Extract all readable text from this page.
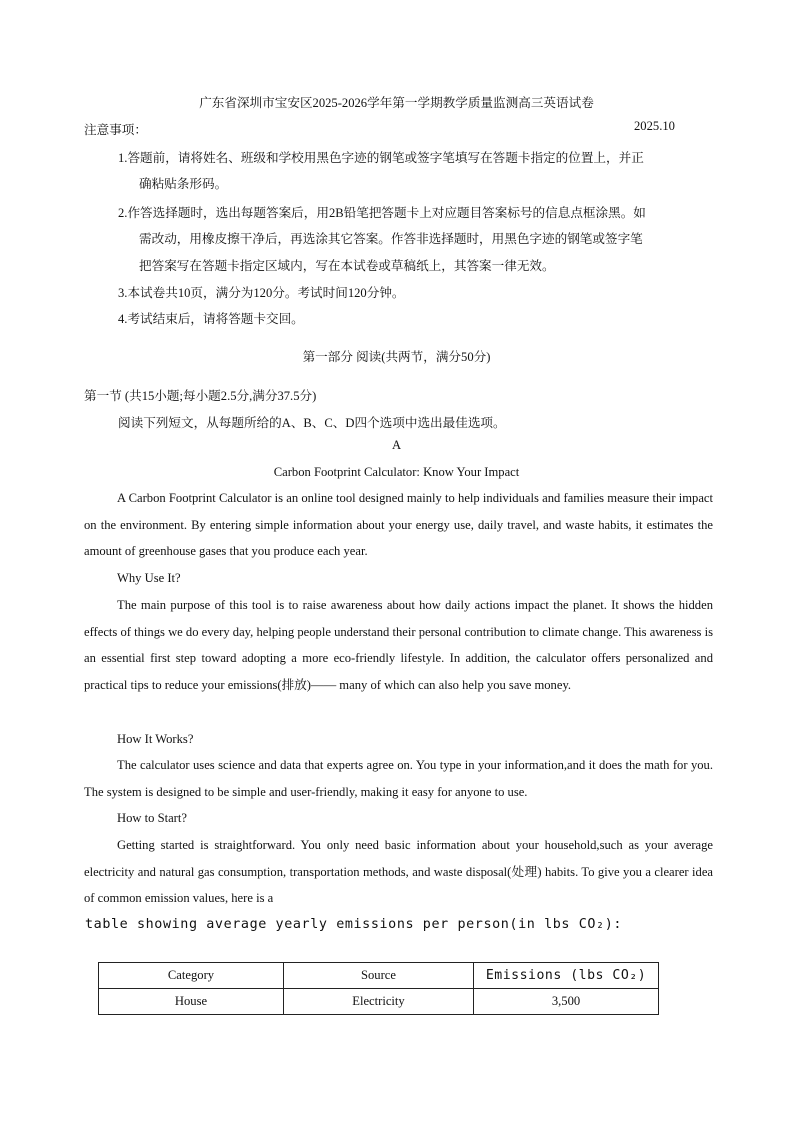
广东省深圳市宝安区2025-2026学年第一学期教学质量监测高三英语试卷
注意事项：	2025.10
1.答题前，请将姓名、班级和学校用黑色字迹的钢笔或签字笔填写在答题卡指定的位置上，并正
确粘贴条形码。
2.作答选择题时，选出每题答案后，用2B铅笔把答题卡上对应题目答案标号的信息点框涂黑。如
需改动，用橡皮擦干净后，再选涂其它答案。作答非选择题时，用黑色字迹的钢笔或签字笔
把答案写在答题卡指定区域内，写在本试卷或草稿纸上，其答案一律无效。
3.本试卷共10页，满分为120分。考试时间120分钟。
4.考试结束后，请将答题卡交回。
第一部分 阅读(共两节，满分50分)
第一节 (共15小题;每小题2.5分,满分37.5分)
阅读下列短文，从每题所给的A、B、C、D四个选项中选出最佳选项。
A
Carbon Footprint Calculator: Know Your Impact
A Carbon Footprint Calculator is an online tool designed mainly to help individuals and families measure their impact on the environment. By entering simple information about your energy use, daily travel, and waste habits, it estimates the amount of greenhouse gases that you produce each year.
Why Use It?
The main purpose of this tool is to raise awareness about how daily actions impact the planet. It shows the hidden effects of things we do every day, helping people understand their personal contribution to climate change. This awareness is an essential first step toward adopting a more eco-friendly lifestyle. In addition, the calculator offers personalized and practical tips to reduce your emissions(排放)—— many of which can also help you save money.
How It Works?
The calculator uses science and data that experts agree on. You type in your information,and it does the math for you. The system is designed to be simple and user-friendly, making it easy for anyone to use.
How to Start?
Getting started is straightforward. You only need basic information about your household,such as your average electricity and natural gas consumption, transportation methods, and waste disposal(处理) habits. To give you a clearer idea of common emission values, here is a
table showing average yearly emissions per person(in lbs CO₂):
Category	Source	Emissions (lbs CO₂)
House	Electricity	3,500
